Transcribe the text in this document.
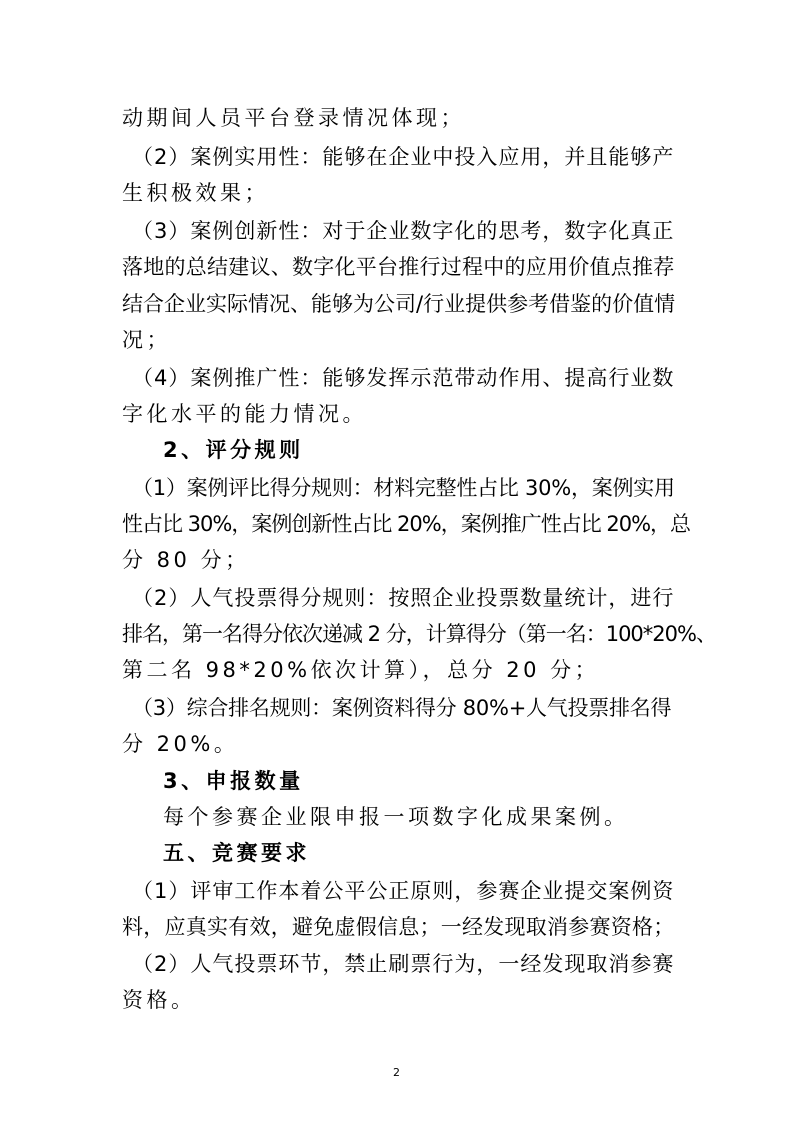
动期间人员平台登录情况体现；
（2）案例实用性：能够在企业中投入应用，并且能够产
生积极效果；
（3）案例创新性：对于企业数字化的思考，数字化真正
落地的总结建议、数字化平台推行过程中的应用价值点推荐
结合企业实际情况、能够为公司/行业提供参考借鉴的价值情
况；
（4）案例推广性：能够发挥示范带动作用、提高行业数
字化水平的能力情况。
2、评分规则
（1）案例评比得分规则：材料完整性占比 30%，案例实用
性占比 30%，案例创新性占比 20%，案例推广性占比 20%，总
分 80 分；
（2）人气投票得分规则：按照企业投票数量统计，进行
排名，第一名得分依次递减 2 分，计算得分（第一名：100*20%、
第二名 98*20%依次计算），总分 20 分；
（3）综合排名规则：案例资料得分 80%+人气投票排名得
分 20%。
3、申报数量
每个参赛企业限申报一项数字化成果案例。
五、竞赛要求
（1）评审工作本着公平公正原则，参赛企业提交案例资
料，应真实有效，避免虚假信息；一经发现取消参赛资格；
（2）人气投票环节，禁止刷票行为，一经发现取消参赛
资格。
2
